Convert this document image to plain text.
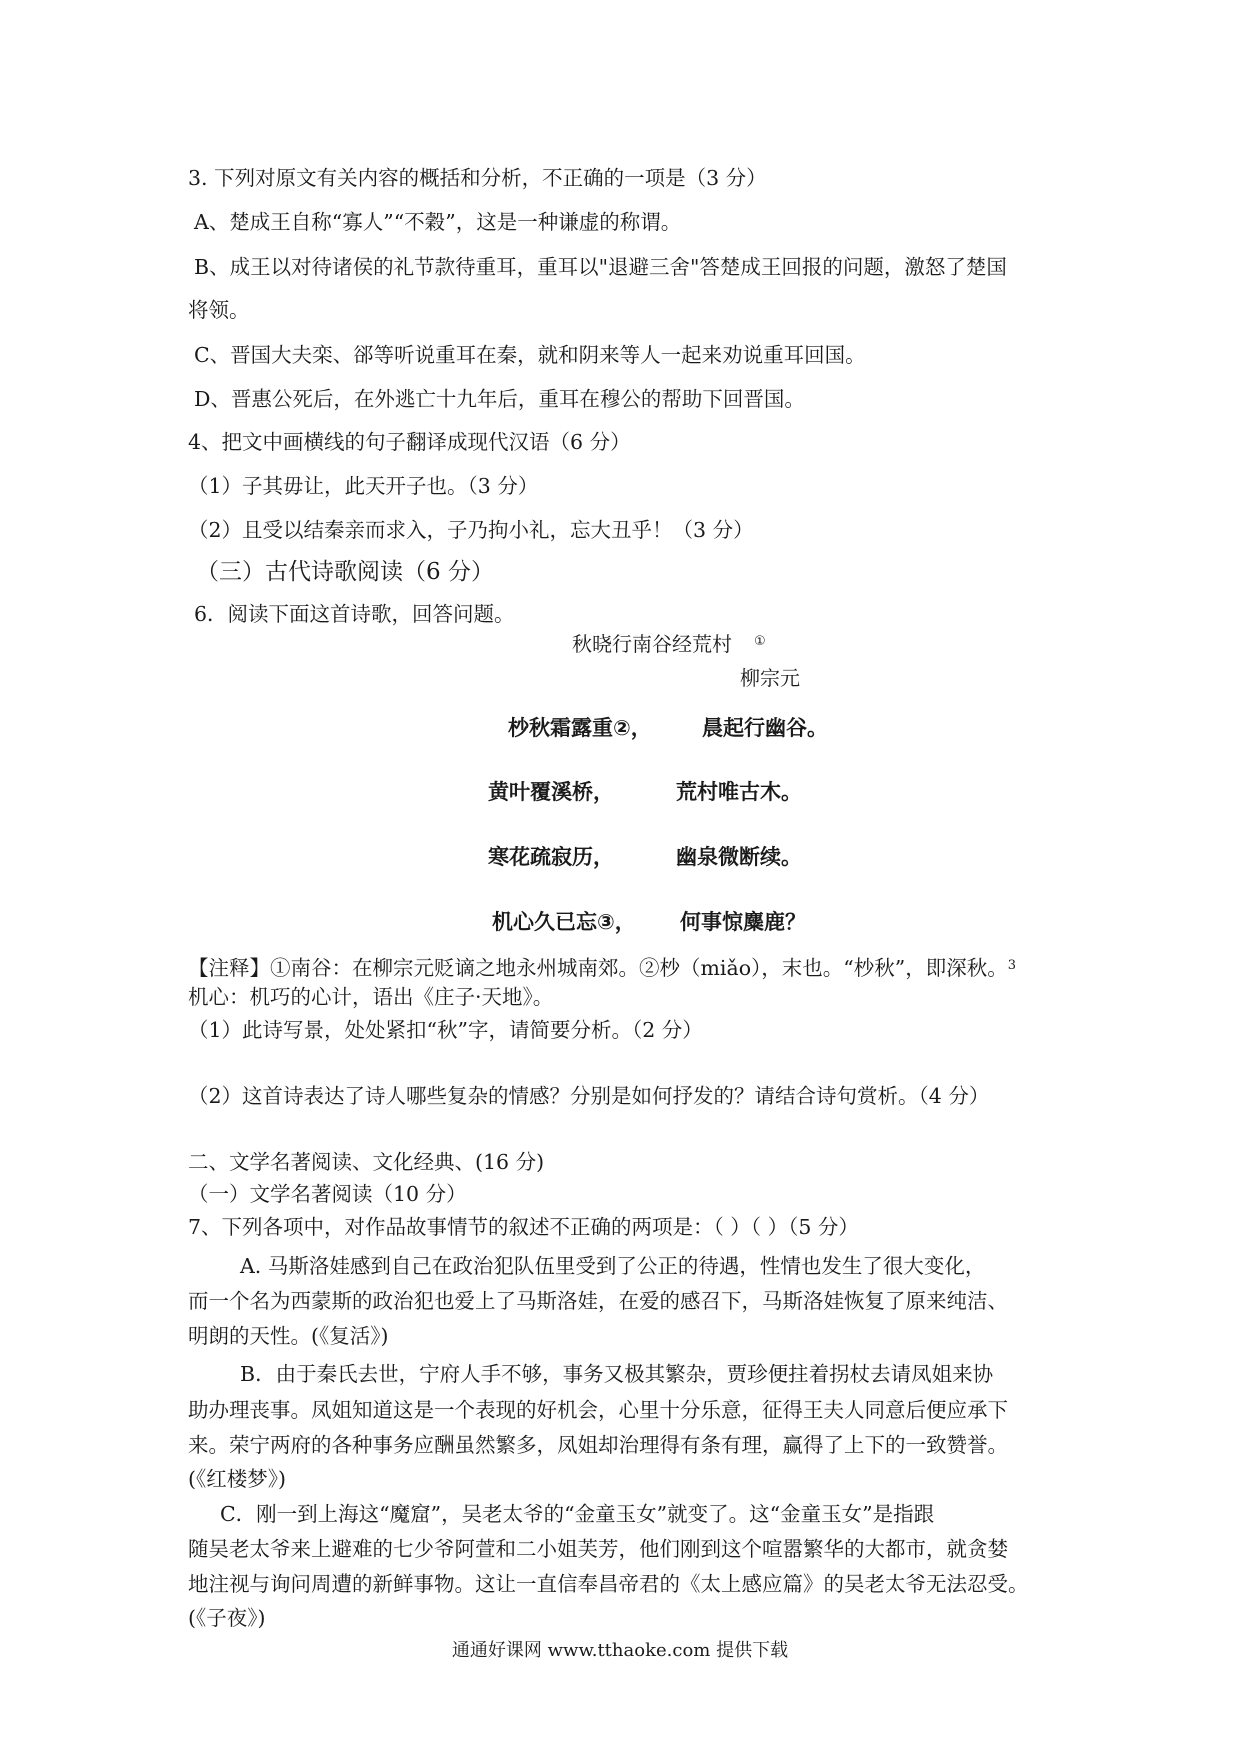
3. 下列对原文有关内容的概括和分析，不正确的一项是（3 分）
A、楚成王自称“寡人”“不穀”，这是一种谦虚的称谓。
B、成王以对待诸侯的礼节款待重耳，重耳以"退避三舍"答楚成王回报的问题，激怒了楚国
将领。
C、晋国大夫栾、郤等听说重耳在秦，就和阴来等人一起来劝说重耳回国。
D、晋惠公死后，在外逃亡十九年后，重耳在穆公的帮助下回晋国。
4、把文中画横线的句子翻译成现代汉语（6 分）
（1）子其毋让，此天开子也。（3 分）
（2）且受以结秦亲而求入，子乃拘小礼，忘大丑乎！（3 分）
（三）古代诗歌阅读（6 分）
6．阅读下面这首诗歌，回答问题。
秋晓行南谷经荒村 ①
柳宗元
杪秋霜露重②， 晨起行幽谷。
黄叶覆溪桥，	荒村唯古木。
寒花疏寂历，	幽泉微断续。
机心久已忘③， 何事惊麋鹿？
【注释】①南谷：在柳宗元贬谪之地永州城南郊。②杪（miǎo），末也。“杪秋”，即深秋。$^3$
机心：机巧的心计，语出《庄子·天地》。
（1）此诗写景，处处紧扣“秋”字，请简要分析。（2 分）
（2）这首诗表达了诗人哪些复杂的情感？分别是如何抒发的？请结合诗句赏析。（4 分）
二、文学名著阅读、文化经典、(16 分)
（一）文学名著阅读（10 分）
7、下列各项中，对作品故事情节的叙述不正确的两项是：（ ）（ ）（5 分）
A. 马斯洛娃感到自己在政治犯队伍里受到了公正的待遇，性情也发生了很大变化，
而一个名为西蒙斯的政治犯也爱上了马斯洛娃，在爱的感召下，马斯洛娃恢复了原来纯洁、
明朗的天性。(《复活》)
B．由于秦氏去世，宁府人手不够，事务又极其繁杂，贾珍便拄着拐杖去请凤姐来协
助办理丧事。凤姐知道这是一个表现的好机会，心里十分乐意，征得王夫人同意后便应承下
来。荣宁两府的各种事务应酬虽然繁多，凤姐却治理得有条有理，赢得了上下的一致赞誉。
(《红楼梦》)
C．刚一到上海这“魔窟”，吴老太爷的“金童玉女”就变了。这“金童玉女”是指跟
随吴老太爷来上避难的七少爷阿萱和二小姐芙芳，他们刚到这个喧嚣繁华的大都市，就贪婪
地注视与询问周遭的新鲜事物。这让一直信奉昌帝君的《太上感应篇》的吴老太爷无法忍受。
(《子夜》)
通通好课网 www.tthaoke.com 提供下载
